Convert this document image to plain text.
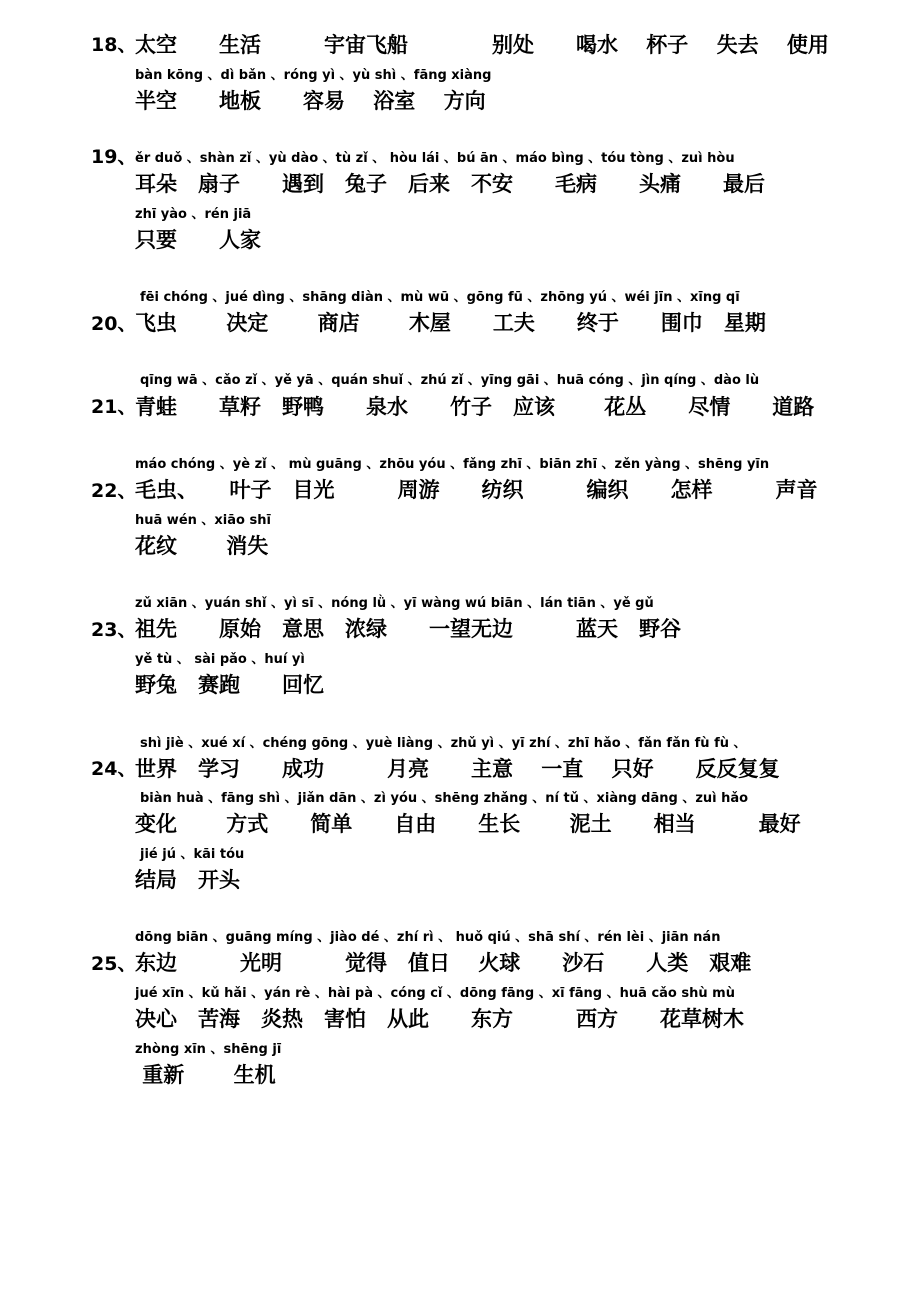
18、
太空　　生活　　　宇宙飞船　　　　别处　　喝水　 杯子　 失去　 使用
bàn kōng 、dì bǎn 、róng yì 、yù shì 、fāng xiàng
半空　　地板　　容易　 浴室　 方向
19、
ěr duǒ 、shàn zǐ 、yù dào 、tù zǐ 、 hòu lái 、bú ān 、máo bìng 、tóu tòng 、zuì hòu
耳朵　扇子　　遇到　兔子　后来　不安　　毛病　　头痛　　最后
zhī yào 、rén jiā
只要　　人家
fēi chóng 、jué dìng 、shāng diàn 、mù wū 、gōng fū 、zhōng yú 、wéi jīn 、xīng qī
20、
飞虫　　 决定　　 商店　　 木屋　　工夫　　终于　　围巾　星期
qīng wā 、cǎo zǐ 、yě yā 、quán shuǐ 、zhú zǐ 、yīng gāi 、huā cóng 、jìn qíng 、dào lù
21、
青蛙　　草籽　野鸭　　泉水　　竹子　应该　　 花丛　　尽情　　道路
máo chóng 、yè zǐ 、 mù guāng 、zhōu yóu 、fǎng zhī 、biān zhī 、zěn yàng 、shēng yīn
22、
毛虫、　　叶子　目光　　　周游　　纺织　　　编织　　怎样　　　声音
huā wén 、xiāo shī
花纹　　 消失
zǔ xiān 、yuán shǐ 、yì sī 、nóng lǜ 、yī wàng wú biān 、lán tiān 、yě gǔ
23、
祖先　　原始　意思　浓绿　　一望无边　　　蓝天　野谷
yě tù 、 sài pǎo 、huí yì
野兔　赛跑　　回忆
shì jiè 、xué xí 、chéng gōng 、yuè liàng 、zhǔ yì 、yī zhí 、zhī hǎo 、fǎn fǎn fù fù 、
24、
世界　学习　　成功　　　月亮　　主意　 一直　 只好　　反反复复
biàn huà 、fāng shì 、jiǎn dān 、zì yóu 、shēng zhǎng 、ní tǔ 、xiàng dāng 、zuì hǎo
变化　　 方式　　简单　　自由　　生长　　 泥土　　相当　　　最好
jié jú 、kāi tóu
结局　开头
dōng biān 、guāng míng 、jiào dé 、zhí rì 、 huǒ qiú 、shā shí 、rén lèi 、jiān nán
25、
东边　　　光明　　　觉得　值日　 火球　　沙石　　人类　艰难
jué xīn 、kǔ hǎi 、yán rè 、hài pà 、cóng cǐ 、dōng fāng 、xī fāng 、huā cǎo shù mù
决心　苦海　炎热　害怕　从此　　东方　　　西方　　花草树木
zhòng xīn 、shēng jī
重新　　 生机
